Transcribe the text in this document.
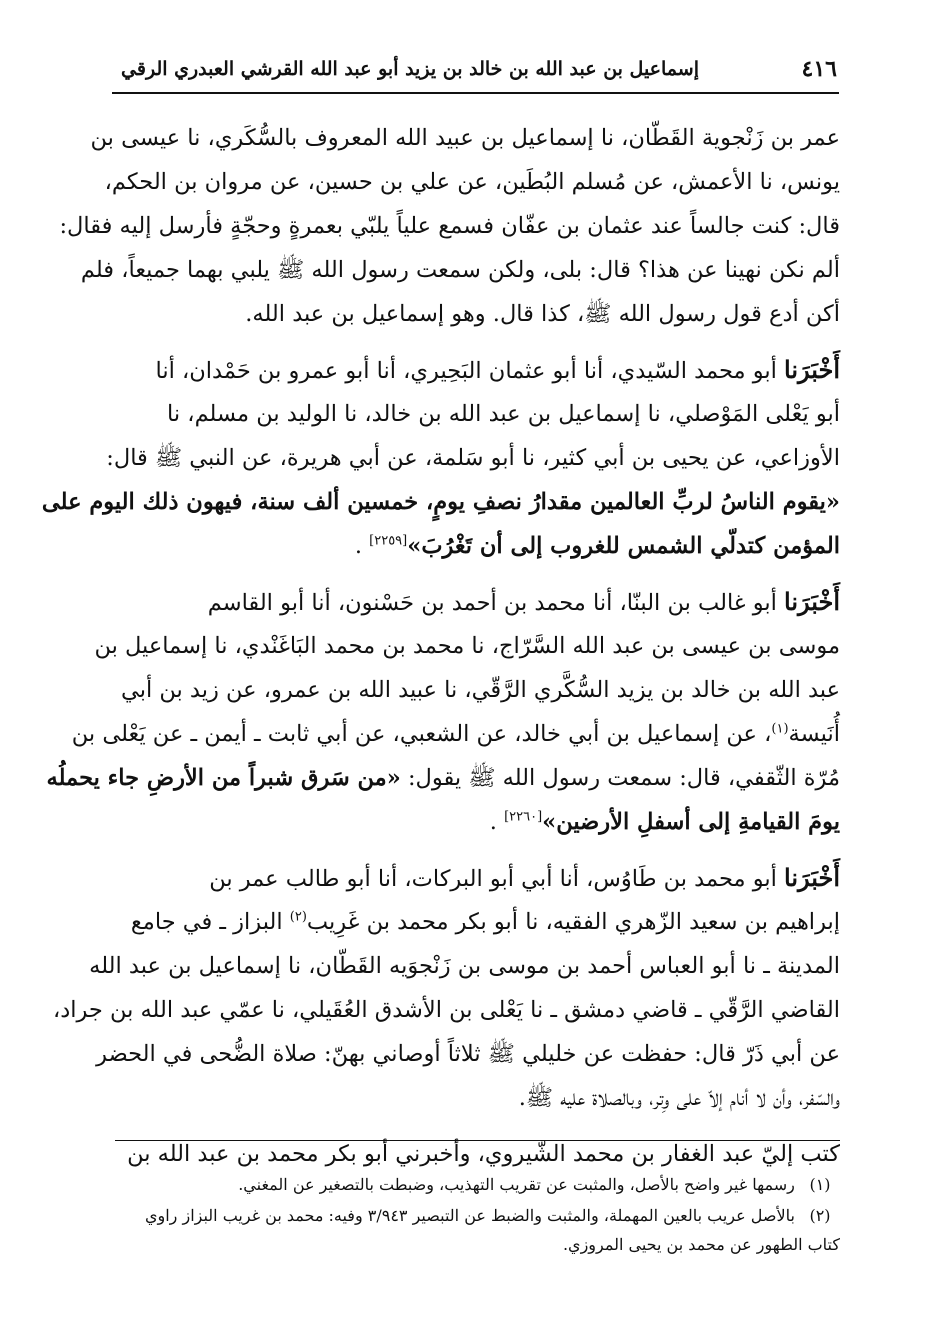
إسماعيل بن عبد الله بن خالد بن يزيد أبو عبد الله القرشي العبدري الرقي	٤١٦

عمر بن زَنْجوية القَطّان، نا إسماعيل بن عبيد الله المعروف بالسُّكَري، نا عيسى بن

يونس، نا الأعمش، عن مُسلم البُطَين، عن علي بن حسين، عن مروان بن الحكم،

قال: كنت جالساً عند عثمان بن عفّان فسمع علياً يلبّي بعمرةٍ وحجّةٍ فأرسل إليه فقال:

ألم نكن نهينا عن هذا؟ قال: بلى، ولكن سمعت رسول الله ﷺ يلبي بهما جميعاً، فلم

أكن أدع قول رسول الله ﷺ، كذا قال. وهو إسماعيل بن عبد الله.

أَخْبَرَنا أبو محمد السّيدي، أنا أبو عثمان البَحِيري، أنا أبو عمرو بن حَمْدان، أنا

أبو يَعْلى المَوْصلي، نا إسماعيل بن عبد الله بن خالد، نا الوليد بن مسلم، نا

الأوزاعي، عن يحيى بن أبي كثير، نا أبو سَلمة، عن أبي هريرة، عن النبي ﷺ قال:

«يقوم الناسُ لربِّ العالمين مقدارُ نصفِ يومٍ، خمسين ألف سنة، فيهون ذلك اليوم على

المؤمن كتدلّي الشمس للغروب إلى أن تَغْرُبَ»[٢٢٥٩] .

أَخْبَرَنا أبو غالب بن البنّا، أنا محمد بن أحمد بن حَسْنون، أنا أبو القاسم

موسى بن عيسى بن عبد الله السَّرّاج، نا محمد بن محمد البَاغَنْدي، نا إسماعيل بن

عبد الله بن خالد بن يزيد السُّكَّري الرَّقّي، نا عبيد الله بن عمرو، عن زيد بن أبي

أُنَيسة$^{(١)}$، عن إسماعيل بن أبي خالد، عن الشعبي، عن أبي ثابت ـ أيمن ـ عن يَعْلى بن

مُرّة الثّقفي، قال: سمعت رسول الله ﷺ يقول: «من سَرق شبراً من الأرضِ جاء يحملُه

يومَ القيامةِ إلى أسفلِ الأرضين»[٢٢٦٠] .

أَخْبَرَنا أبو محمد بن طَاوُس، أنا أبي أبو البركات، أنا أبو طالب عمر بن

إبراهيم بن سعيد الزّهري الفقيه، نا أبو بكر محمد بن غَرِيب$^{(٢)}$ البزاز ـ في جامع

المدينة ـ نا أبو العباس أحمد بن موسى بن زَنْجوَيه القَطّان، نا إسماعيل بن عبد الله

القاضي الرَّقّي ـ قاضي دمشق ـ نا يَعْلى بن الأشدق العُقَيلي، نا عمّي عبد الله بن جراد،

عن أبي ذَرّ قال: حفظت عن خليلي ﷺ ثلاثاً أوصاني بهنّ: صلاة الضُّحى في الحضر

والسّفر، وأن لا أنام إلاّ على وِتر، وبالصلاة عليه ﷺ.

كتب إليّ عبد الغفار بن محمد الشّيروي، وأخبرني أبو بكر محمد بن عبد الله بن

(١) رسمها غير واضح بالأصل، والمثبت عن تقريب التهذيب، وضبطت بالتصغير عن المغني.

(٢) بالأصل عريب بالعين المهملة، والمثبت والضبط عن التبصير ٣/٩٤٣ وفيه: محمد بن غريب البزاز راوي

كتاب الطهور عن محمد بن يحيى المروزي.
